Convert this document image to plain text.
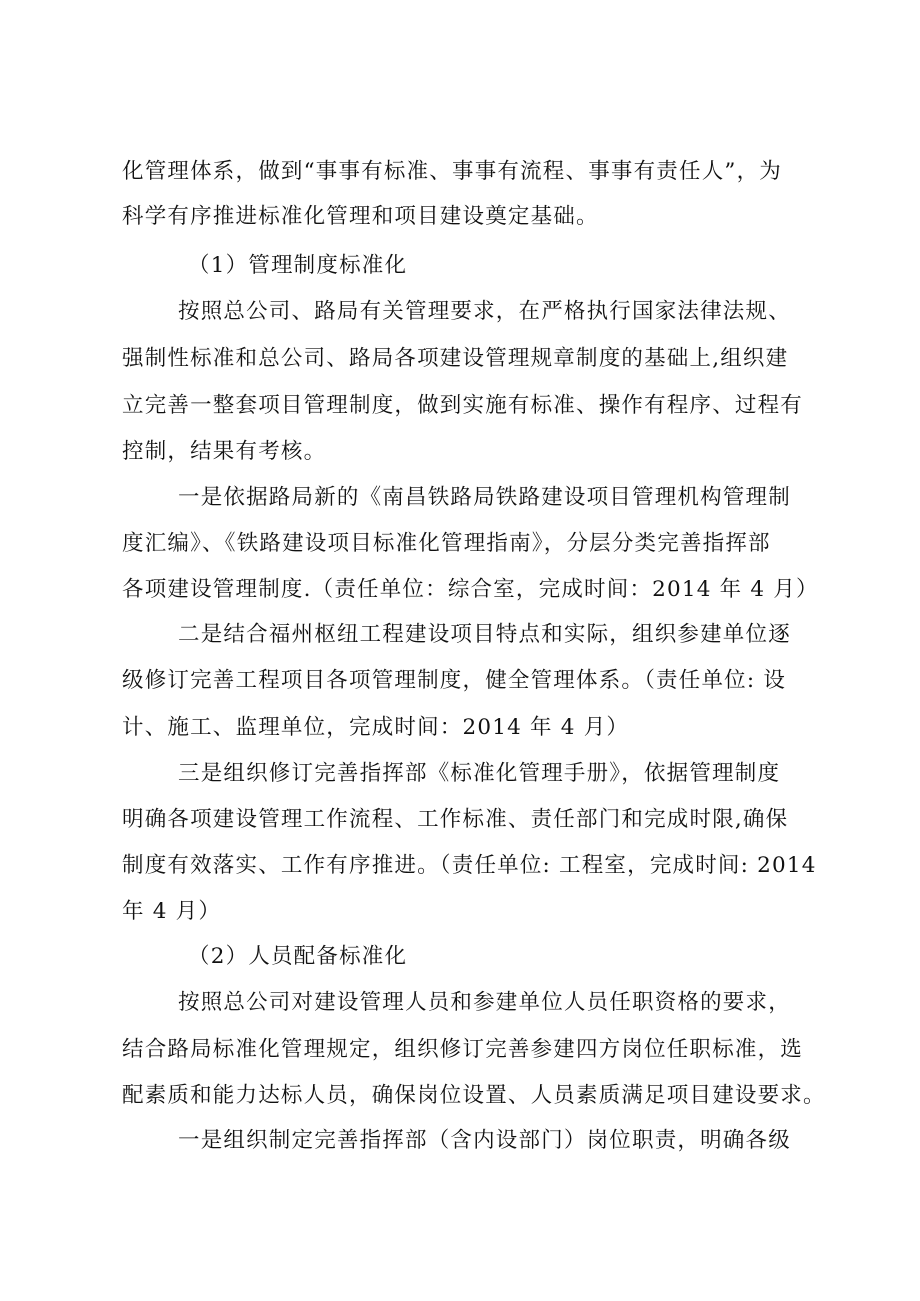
化管理体系，做到“事事有标准、事事有流程、事事有责任人”，为
科学有序推进标准化管理和项目建设奠定基础。
（1）管理制度标准化
按照总公司、路局有关管理要求，在严格执行国家法律法规、
强制性标准和总公司、路局各项建设管理规章制度的基础上,组织建
立完善一整套项目管理制度，做到实施有标准、操作有程序、过程有
控制，结果有考核。
一是依据路局新的《南昌铁路局铁路建设项目管理机构管理制
度汇编》、《铁路建设项目标准化管理指南》，分层分类完善指挥部
各项建设管理制度.（责任单位：综合室，完成时间：2014 年 4 月）
二是结合福州枢纽工程建设项目特点和实际，组织参建单位逐
级修订完善工程项目各项管理制度，健全管理体系。（责任单位: 设
计、施工、监理单位，完成时间：2014 年 4 月）
三是组织修订完善指挥部《标准化管理手册》，依据管理制度
明确各项建设管理工作流程、工作标准、责任部门和完成时限,确保
制度有效落实、工作有序推进。（责任单位: 工程室，完成时间: 2014
年 4 月）
（2）人员配备标准化
按照总公司对建设管理人员和参建单位人员任职资格的要求，
结合路局标准化管理规定，组织修订完善参建四方岗位任职标准，选
配素质和能力达标人员，确保岗位设置、人员素质满足项目建设要求。
一是组织制定完善指挥部（含内设部门）岗位职责，明确各级
